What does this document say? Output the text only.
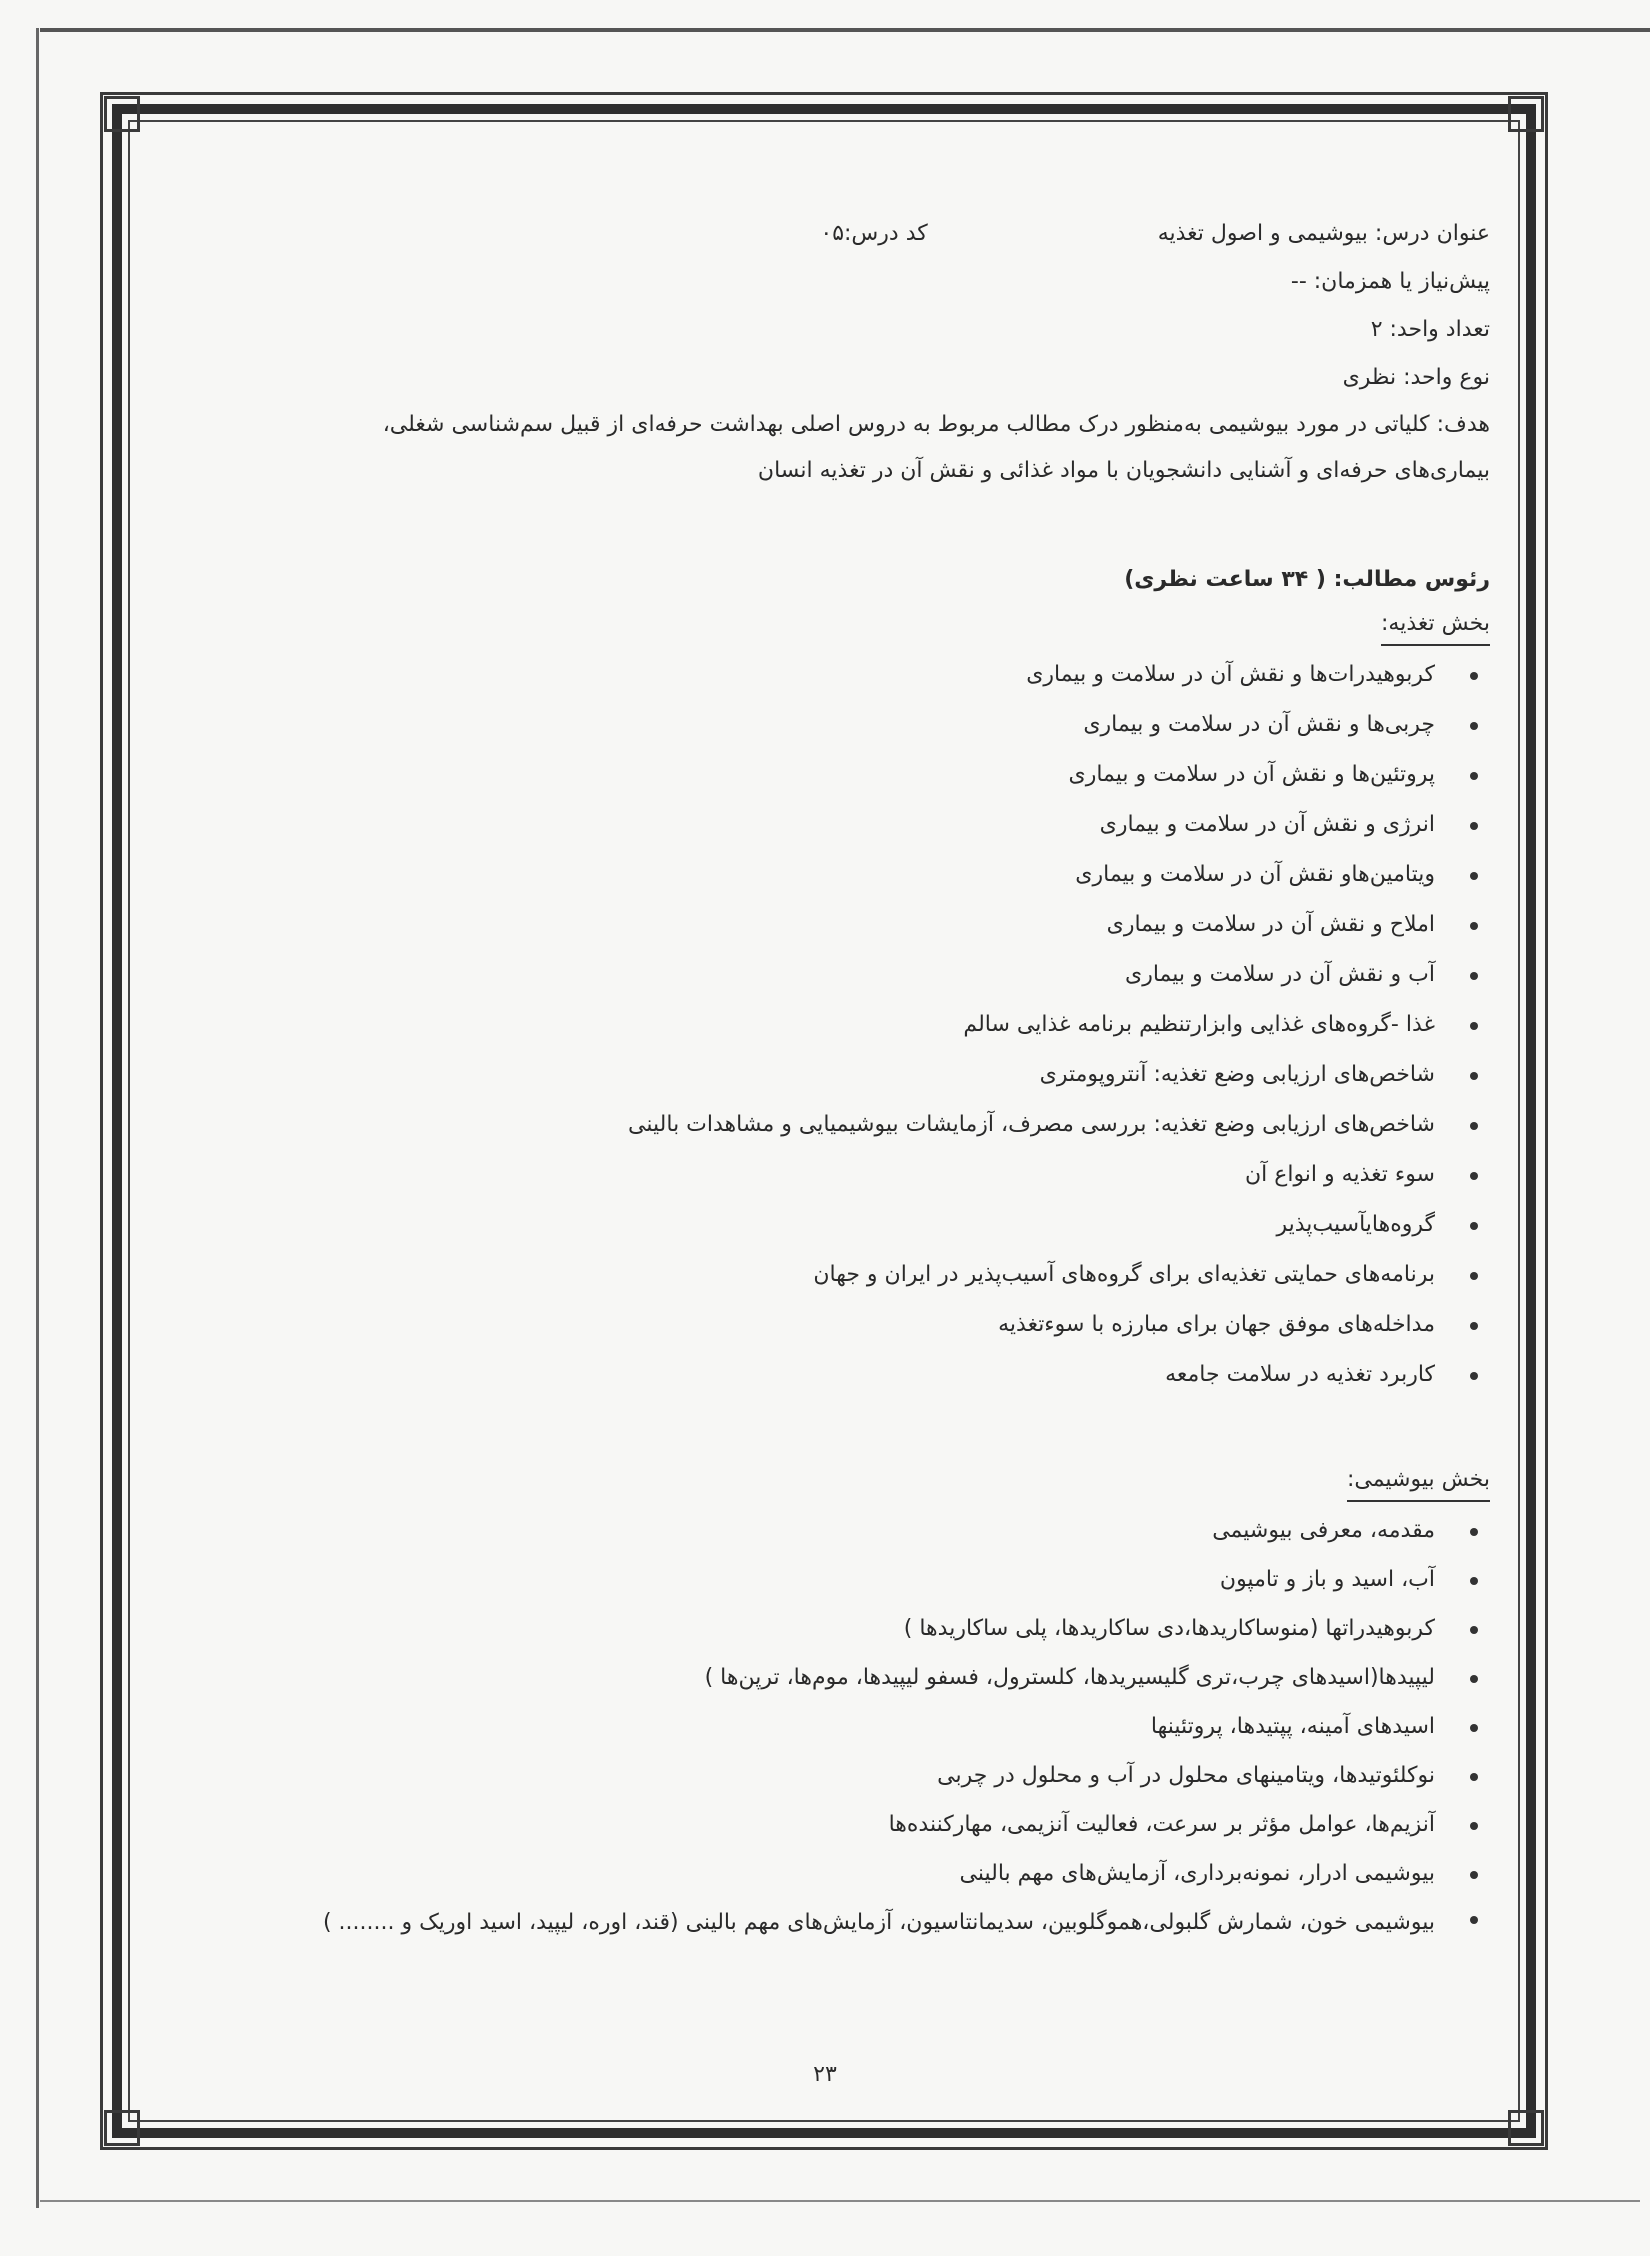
عنوان درس: بیوشیمی و اصول تغذیه
کد درس:۰۵
پیش‌نیاز یا همزمان: --
تعداد واحد: ۲
نوع واحد: نظری

هدف: کلیاتی در مورد بیوشیمی به‌منظور درک مطالب مربوط به دروس اصلی بهداشت حرفه‌ای از قبیل سم‌شناسی شغلی،
بیماری‌های حرفه‌ای و آشنایی دانشجویان با مواد غذائی و نقش آن در تغذیه انسان

رئوس مطالب: ( ۳۴ ساعت نظری)
بخش تغذیه:
کربوهیدرات‌ها و نقش آن در سلامت و بیماری
چربی‌ها و نقش آن در سلامت و بیماری
پروتئین‌ها و نقش آن در سلامت و بیماری
انرژی و نقش آن در سلامت و بیماری
ویتامین‌هاو نقش آن در سلامت و بیماری
املاح و نقش آن در سلامت و بیماری
آب و نقش آن در سلامت و بیماری
غذا -گروه‌های غذایی وابزارتنظیم برنامه غذایی سالم
شاخص‌های ارزیابی وضع تغذیه: آنتروپومتری
شاخص‌های ارزیابی وضع تغذیه: بررسی مصرف، آزمایشات بیوشیمیایی و مشاهدات بالینی
سوء تغذیه و انواع آن
گروه‌هایآسیب‌پذیر
برنامه‌های حمایتی تغذیه‌ای برای گروه‌های آسیب‌پذیر در ایران و جهان
مداخله‌های موفق جهان برای مبارزه با سوءتغذیه
کاربرد تغذیه در سلامت جامعه
بخش بیوشیمی:
مقدمه، معرفی بیوشیمی
آب، اسید و باز و تامپون
کربوهیدراتها (منوساکاریدها،دی ساکاریدها، پلی ساکاریدها )
لیپیدها(اسیدهای چرب،تری گلیسیریدها، کلسترول، فسفو لیپیدها، موم‌ها، ترپن‌ها )
اسیدهای آمینه، پپتیدها، پروتئینها
نوکلئوتیدها، ویتامینهای محلول در آب و محلول در چربی
آنزیم‌ها، عوامل مؤثر بر سرعت، فعالیت آنزیمی، مهارکننده‌ها
بیوشیمی ادرار، نمونه‌برداری، آزمایش‌های مهم بالینی
بیوشیمی خون، شمارش گلبولی،هموگلوبین، سدیمانتاسیون، آزمایش‌های مهم بالینی (قند، اوره، لیپید، اسید اوریک و ........ )
۲۳
